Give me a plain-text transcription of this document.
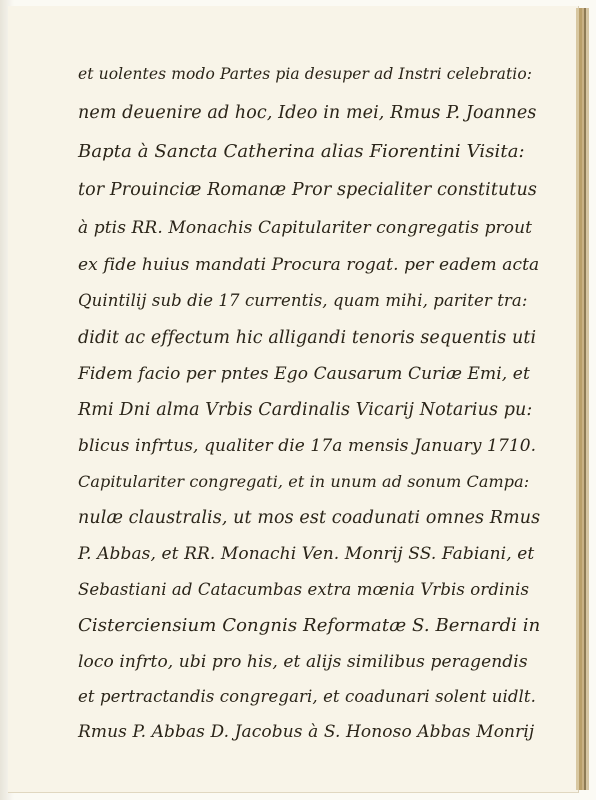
et uolentes modo Partes pia desuper ad Instri celebratio:
nem deuenire ad hoc, Ideo in mei, Rmus P. Joannes
Bapta à Sancta Catherina alias Fiorentini Visita:
tor Prouinciæ Romanæ Pror specialiter constitutus
à ptis RR. Monachis Capitulariter congregatis prout
ex fide huius mandati Procura rogat. per eadem acta
Quintilij sub die 17 currentis, quam mihi, pariter tra:
didit ac effectum hic alligandi tenoris sequentis uti
Fidem facio per pntes Ego Causarum Curiæ Emi, et
Rmi Dni alma Vrbis Cardinalis Vicarij Notarius pu:
blicus infrtus, qualiter die 17a mensis January 1710.
Capitulariter congregati, et in unum ad sonum Campa:
nulæ claustralis, ut mos est coadunati omnes Rmus
P. Abbas, et RR. Monachi Ven. Monrij SS. Fabiani, et
Sebastiani ad Catacumbas extra mœnia Vrbis ordinis
Cisterciensium Congnis Reformatæ S. Bernardi in
loco infrto, ubi pro his, et alijs similibus peragendis
et pertractandis congregari, et coadunari solent uidlt.
Rmus P. Abbas D. Jacobus à S. Honoso Abbas Monrij
